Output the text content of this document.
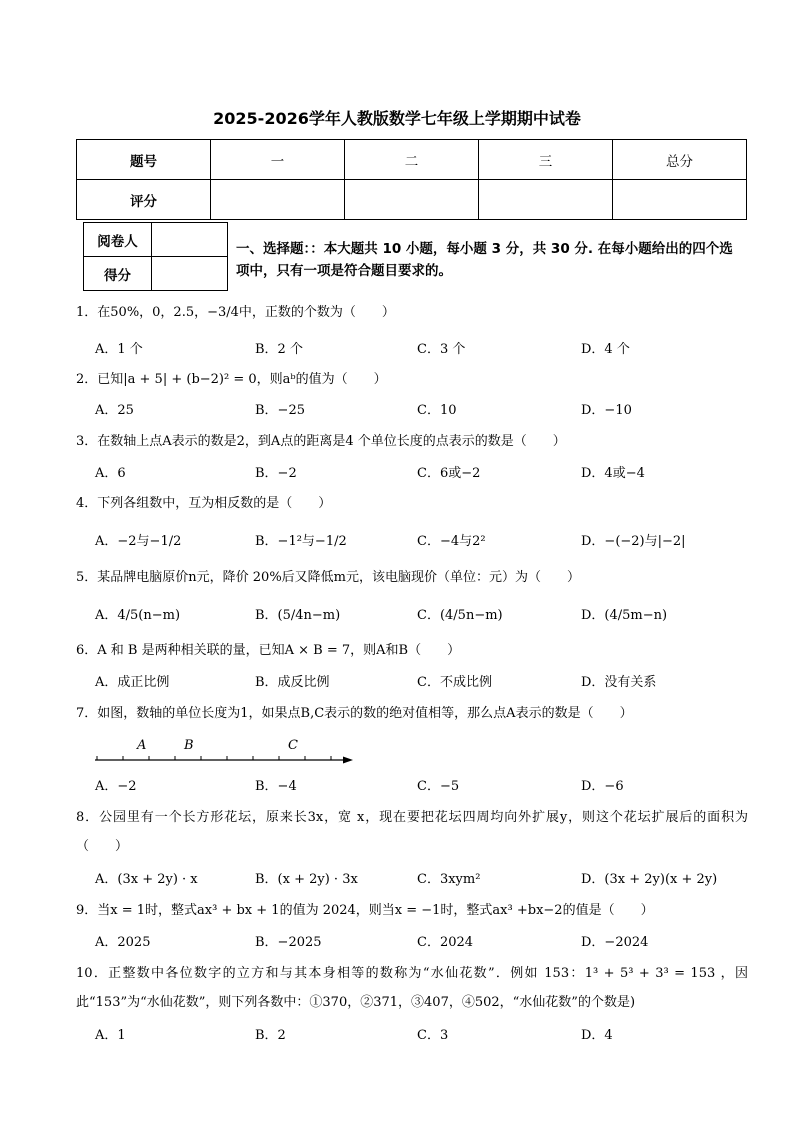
2025-2026学年人教版数学七年级上学期期中试卷
题号	一	二	三	总分
评分				
阅卷人	
得分	
一、选择题：：本大题共 10 小题，每小题 3 分，共 30 分. 在每小题给出的四个选项中，只有一项是符合题目要求的。
1．在50%，0，2.5，−3/4中，正数的个数为（　　）
A．1 个	B．2 个	C．3 个	D．4 个
2．已知|a + 5| + (b−2)² = 0，则aᵇ的值为（　　）
A．25	B．−25	C．10	D．−10
3．在数轴上点A表示的数是2，到A点的距离是4 个单位长度的点表示的数是（　　）
A．6	B．−2	C．6或−2	D．4或−4
4．下列各组数中，互为相反数的是（　　）
A．−2与−1/2	B．−1²与−1/2	C．−4与2²	D．−(−2)与|−2|
5．某品牌电脑原价n元，降价 20%后又降低m元，该电脑现价（单位：元）为（　　）
A．4/5(n−m)	B．(5/4n−m)	C．(4/5n−m)	D．(4/5m−n)
6．A 和 B 是两种相关联的量，已知A × B = 7，则A和B（　　）
A．成正比例	B．成反比例	C．不成比例	D．没有关系
7．如图，数轴的单位长度为1，如果点B,C表示的数的绝对值相等，那么点A表示的数是（　　）
A	B	C
A．−2	B．−4	C．−5	D．−6
8．公园里有一个长方形花坛，原来长3x，宽 x，现在要把花坛四周均向外扩展y，则这个花坛扩展后的面积为（　　）
A．(3x + 2y) · x	B．(x + 2y) · 3x	C．3xym²	D．(3x + 2y)(x + 2y)
9．当x = 1时，整式ax³ + bx + 1的值为 2024，则当x = −1时，整式ax³ +bx−2的值是（　　）
A．2025	B．−2025	C．2024	D．−2024
10．正整数中各位数字的立方和与其本身相等的数称为“水仙花数”．例如 153：1³ + 5³ + 3³ = 153 ，因此“153”为“水仙花数”，则下列各数中：①370，②371，③407，④502，“水仙花数”的个数是)
A．1	B．2	C．3	D．4
